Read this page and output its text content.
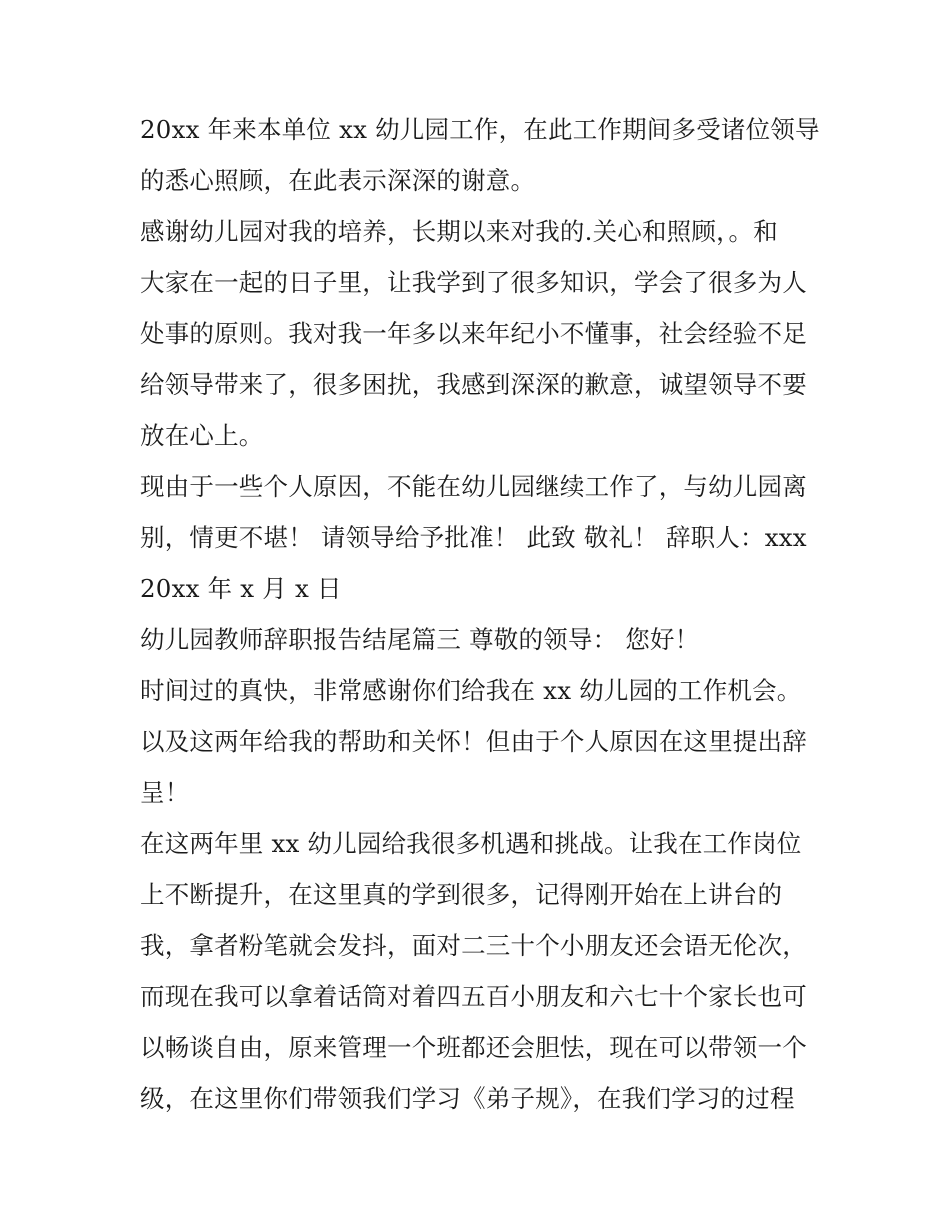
20xx 年来本单位 xx 幼儿园工作，在此工作期间多受诸位领导
的悉心照顾，在此表示深深的谢意。
感谢幼儿园对我的培养，长期以来对我的.关心和照顾，。和
大家在一起的日子里，让我学到了很多知识，学会了很多为人
处事的原则。我对我一年多以来年纪小不懂事，社会经验不足
给领导带来了，很多困扰，我感到深深的歉意，诚望领导不要
放在心上。
现由于一些个人原因，不能在幼儿园继续工作了，与幼儿园离
别，情更不堪！ 请领导给予批准！ 此致 敬礼！ 辞职人：xxx
20xx 年 x 月 x 日
幼儿园教师辞职报告结尾篇三 尊敬的领导： 您好！
时间过的真快，非常感谢你们给我在 xx 幼儿园的工作机会。
以及这两年给我的帮助和关怀！但由于个人原因在这里提出辞
呈！
在这两年里 xx 幼儿园给我很多机遇和挑战。让我在工作岗位
上不断提升，在这里真的学到很多，记得刚开始在上讲台的
我，拿者粉笔就会发抖，面对二三十个小朋友还会语无伦次，
而现在我可以拿着话筒对着四五百小朋友和六七十个家长也可
以畅谈自由，原来管理一个班都还会胆怯，现在可以带领一个
级，在这里你们带领我们学习《弟子规》，在我们学习的过程
